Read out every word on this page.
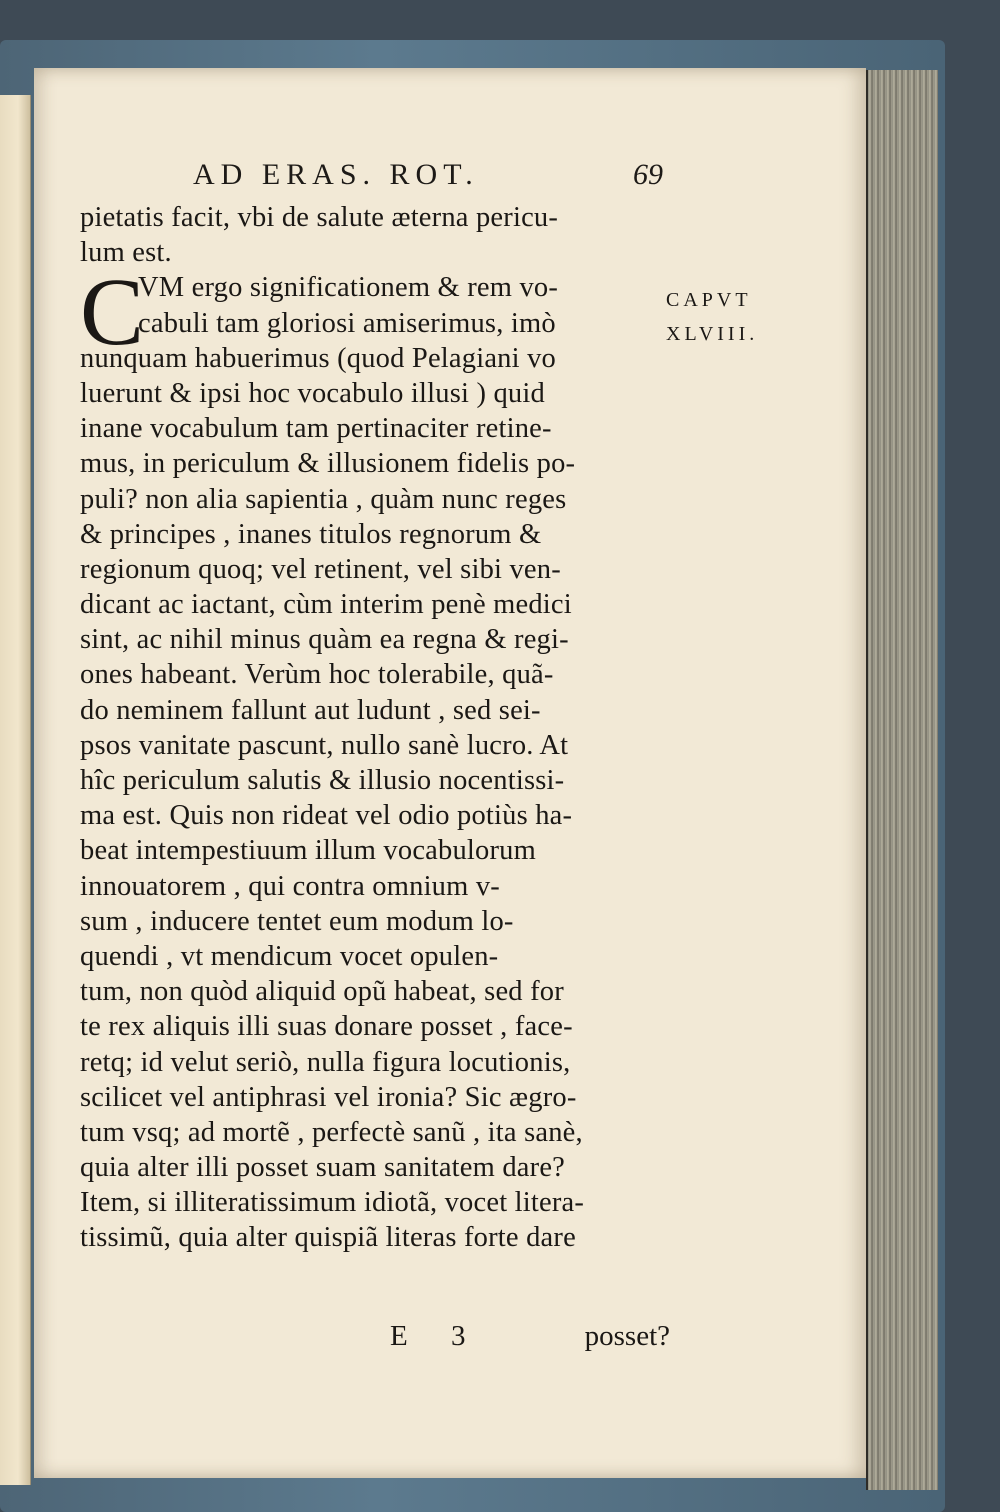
AD ERAS. ROT.	69
C
pietatis facit, vbi de salute æterna pericu-
lum est.
VM ergo significationem & rem vo-
cabuli tam gloriosi amiserimus, imò
nunquam habuerimus (quod Pelagiani vo
luerunt & ipsi hoc vocabulo illusi ) quid
inane vocabulum tam pertinaciter retine-
mus, in periculum & illusionem fidelis po-
puli? non alia sapientia , quàm nunc reges
& principes , inanes titulos regnorum &
regionum quoq; vel retinent, vel sibi ven-
dicant ac iactant, cùm interim penè medici
sint, ac nihil minus quàm ea regna & regi-
ones habeant. Verùm hoc tolerabile, quã-
do neminem fallunt aut ludunt , sed sei-
psos vanitate pascunt, nullo sanè lucro. At
hîc periculum salutis & illusio nocentissi-
ma est. Quis non rideat vel odio potiùs ha-
beat intempestiuum illum vocabulorum
innouatorem , qui contra omnium v-
sum , inducere tentet eum modum lo-
quendi , vt mendicum vocet opulen-
tum, non quòd aliquid opũ habeat, sed for
te rex aliquis illi suas donare posset , face-
retq; id velut seriò, nulla figura locutionis,
scilicet vel antiphrasi vel ironia? Sic ægro-
tum vsq; ad mortẽ , perfectè sanũ , ita sanè,
quia alter illi posset suam sanitatem dare?
Item, si illiteratissimum idiotã, vocet litera-
tissimũ, quia alter quispiã literas forte dare
CAPVT
XLVIII.
E 3	posset?
